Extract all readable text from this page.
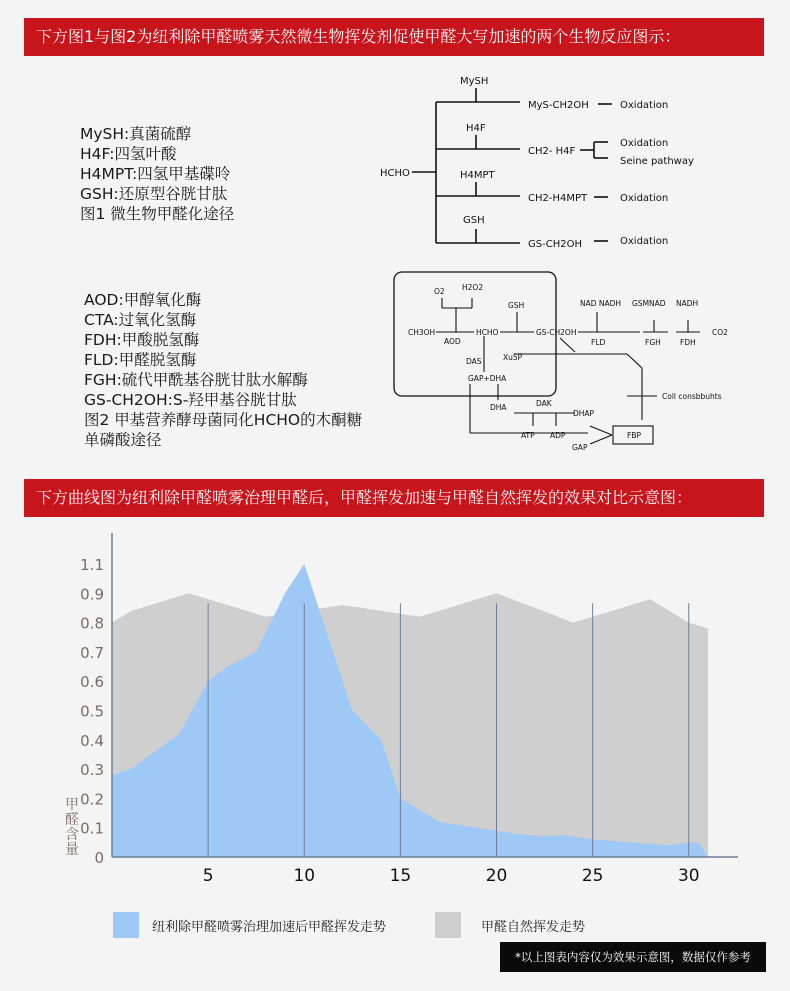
下方图1与图2为纽利除甲醛喷雾天然微生物挥发剂促使甲醛大写加速的两个生物反应图示：
MySH:真菌硫醇
H4F:四氢叶酸
H4MPT:四氢甲基碟呤
GSH:还原型谷胱甘肽
图1 微生物甲醛化途径
HCHO
MySH
MyS-CH2OH	Oxidation
H4F
CH2- H4F
Oxidation
Seine pathway
H4MPT
CH2-H4MPT	Oxidation
GSH
GS-CH2OH	Oxidation
AOD:甲醇氧化酶
CTA:过氧化氢酶
FDH:甲酸脱氢酶
FLD:甲醛脱氢酶
FGH:硫代甲酰基谷胱甘肽水解酶
GS-CH2OH:S-羟甲基谷胱甘肽
图2 甲基营养酵母菌同化HCHO的木酮糖
单磷酸途径
O2 H2O2
CH3OH
AOD
HCHO
GSH
GS-CH2OH
DAS	Xu5P
GAP+DHA
NAD NADH GSMNAD NADH
FLD	FGH	FDH
CO2
Coll consbbuhts
DHA	DAK
DHAP
ATP ADP	FBP
GAP
下方曲线图为纽利除甲醛喷雾治理甲醛后，甲醛挥发加速与甲醛自然挥发的效果对比示意图：
5	10	15	20	25	30
0
0.1
0.2
0.3
0.4
0.5
0.6
0.7
0.8
0.9
1.1
甲醛含量
纽利除甲醛喷雾治理加速后甲醛挥发走势	甲醛自然挥发走势
*以上图表内容仅为效果示意图，数据仅作参考
